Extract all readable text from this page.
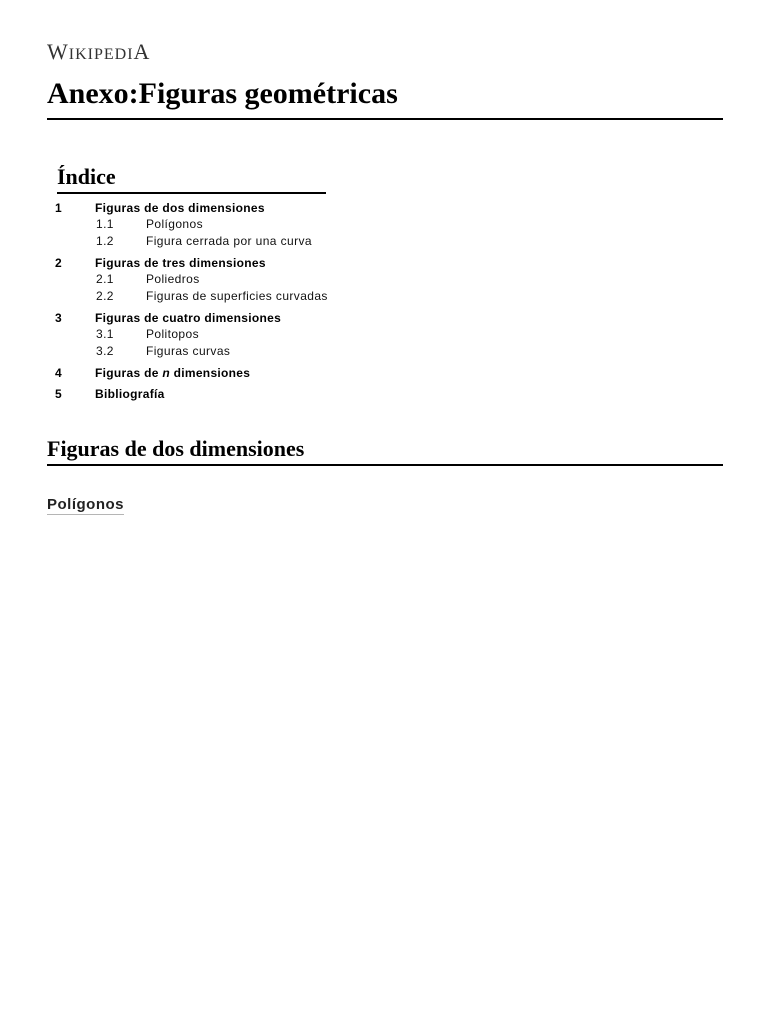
WIKIPEDIA
Anexo:Figuras geométricas
Índice
1	Figuras de dos dimensiones
1.1	Polígonos
1.2	Figura cerrada por una curva
2	Figuras de tres dimensiones
2.1	Poliedros
2.2	Figuras de superficies curvadas
3	Figuras de cuatro dimensiones
3.1	Politopos
3.2	Figuras curvas
4	Figuras de n dimensiones
5	Bibliografía
Figuras de dos dimensiones
Polígonos
